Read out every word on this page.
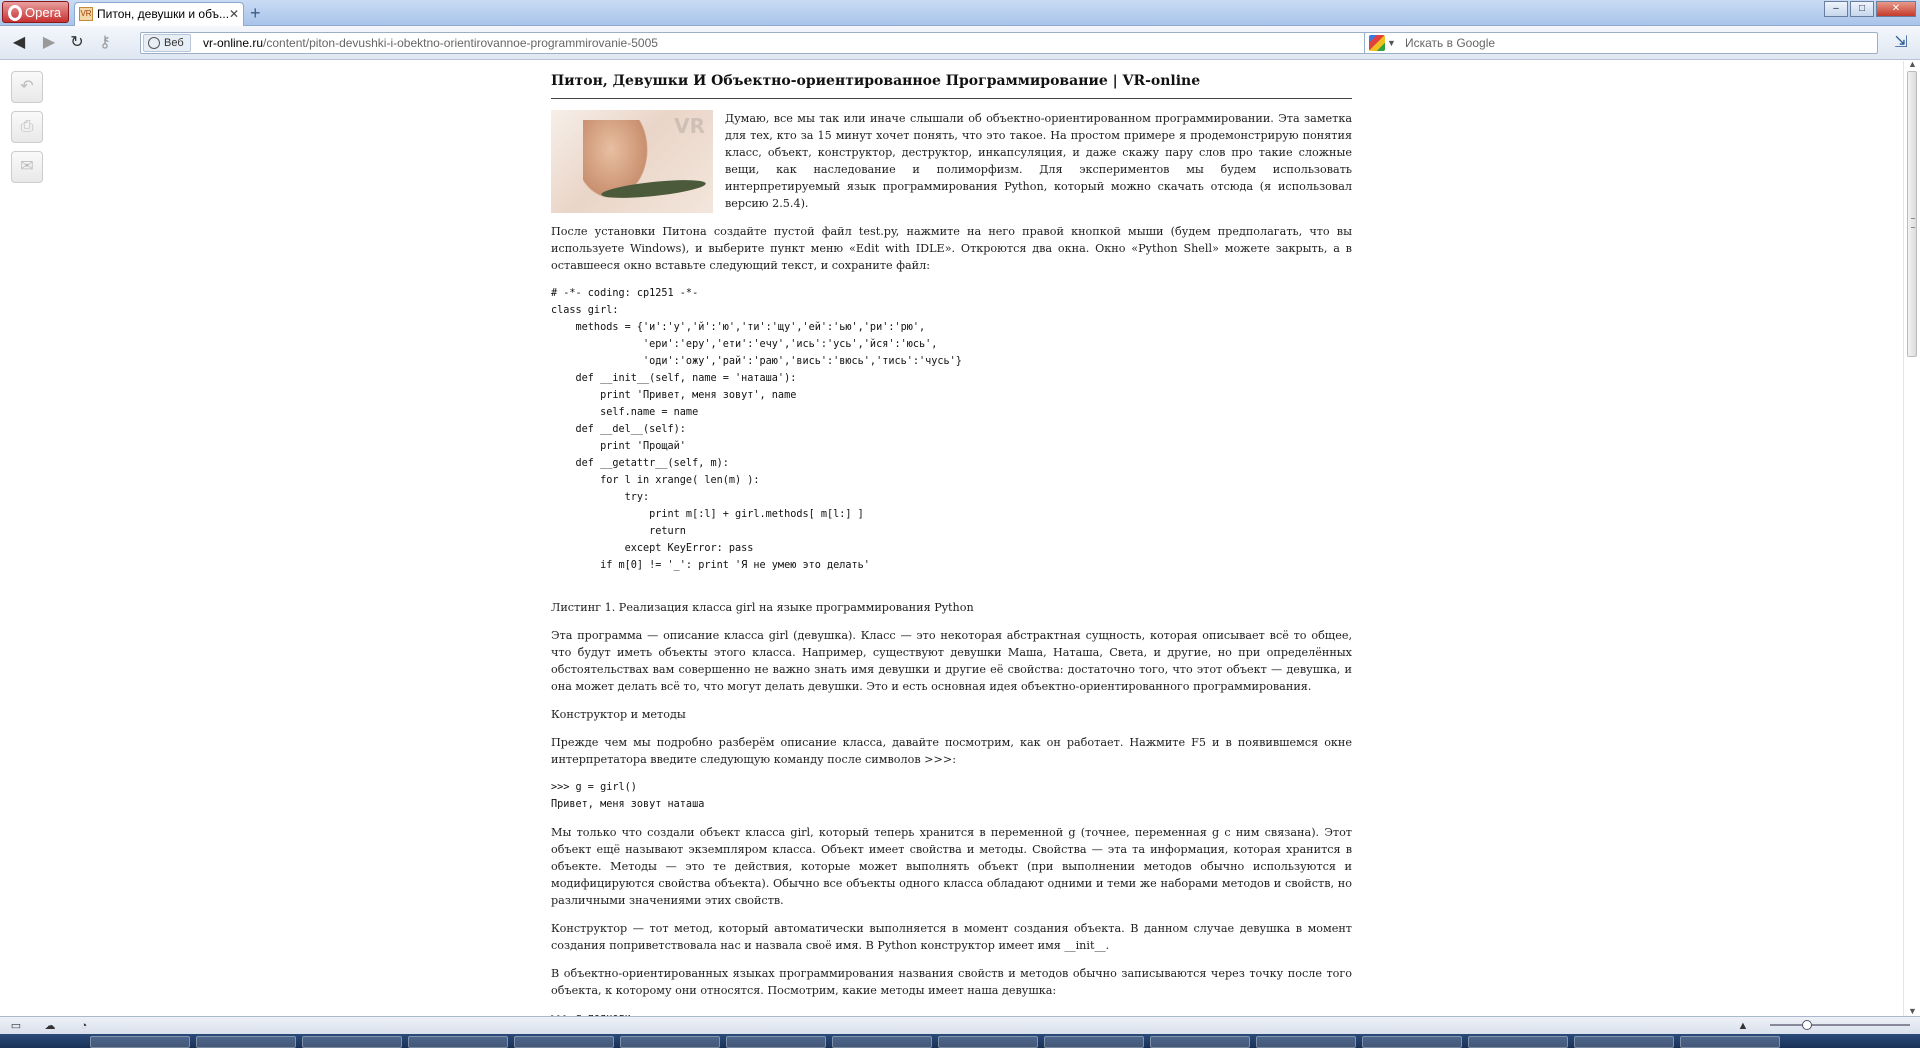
Opera	VR Питон, девушки и объ... ✕ +	–	□	✕
◀	▶ ↻ ⚷	Веб	vr-online.ru/content/piton-devushki-i-obektno-orientirovannoe-programmirovanie-5005	▼ Искать в Google	⇲
↶
⎙
✉
Питон, Девушки И Объектно-ориентированное Программирование | VR-online
VR	Думаю, все мы так или иначе слышали об объектно-ориентированном программировании. Эта заметка для тех, кто за 15 минут хочет понять, что это такое. На простом примере я продемонстрирую понятия класс, объект, конструктор, деструктор, инкапсуляция, и даже скажу пару слов про такие сложные вещи, как наследование и полиморфизм. Для экспериментов мы будем использовать интерпретируемый язык программирования Python, который можно скачать отсюда (я использовал версию 2.5.4).

После установки Питона создайте пустой файл test.py, нажмите на него правой кнопкой мыши (будем предполагать, что вы используете Windows), и выберите пункт меню «Edit with IDLE». Откроются два окна. Окно «Python Shell» можете закрыть, а в оставшееся окно вставьте следующий текст, и сохраните файл:

# -*- coding: cp1251 -*-
class girl:
methods = {'и':'у','й':'ю','ти':'щу','ей':'ью','ри':'рю',
'ери':'еру','ети':'ечу','ись':'усь','йся':'юсь',
'оди':'ожу','рай':'раю','вись':'вюсь','тись':'чусь'}
def __init__(self, name = 'наташа'):
print 'Привет, меня зовут', name
self.name = name
def __del__(self):
print 'Прощай'
def __getattr__(self, m):
for l in xrange( len(m) ):
try:
print m[:l] + girl.methods[ m[l:] ]
return
except KeyError: pass
if m[0] != '_': print 'Я не умею это делать'

Листинг 1. Реализация класса girl на языке программирования Python

Эта программа — описание класса girl (девушка). Класс — это некоторая абстрактная сущность, которая описывает всё то общее, что будут иметь объекты этого класса. Например, существуют девушки Маша, Наташа, Света, и другие, но при определённых обстоятельствах вам совершенно не важно знать имя девушки и другие её свойства: достаточно того, что этот объект — девушка, и она может делать всё то, что могут делать девушки. Это и есть основная идея объектно-ориентированного программирования.

Конструктор и методы

Прежде чем мы подробно разберём описание класса, давайте посмотрим, как он работает. Нажмите F5 и в появившемся окне интерпретатора введите следующую команду после символов >>>:

>>> g = girl()
Привет, меня зовут наташа

Мы только что создали объект класса girl, который теперь хранится в переменной g (точнее, переменная g с ним связана). Этот объект ещё называют экземпляром класса. Объект имеет свойства и методы. Свойства — эта та информация, которая хранится в объекте. Методы — это те действия, которые может выполнять объект (при выполнении методов обычно используются и модифицируются свойства объекта). Обычно все объекты одного класса обладают одними и теми же наборами методов и свойств, но различными значениями этих свойств.

Конструктор — тот метод, который автоматически выполняется в момент создания объекта. В данном случае девушка в момент создания поприветствовала нас и назвала своё имя. В Python конструктор имеет имя __init__.

В объектно-ориентированных языках программирования названия свойств и методов обычно записываются через точку после того объекта, к которому они относятся. Посмотрим, какие методы имеет наша девушка:

▲
▼
▭ ☁	◔	▲
